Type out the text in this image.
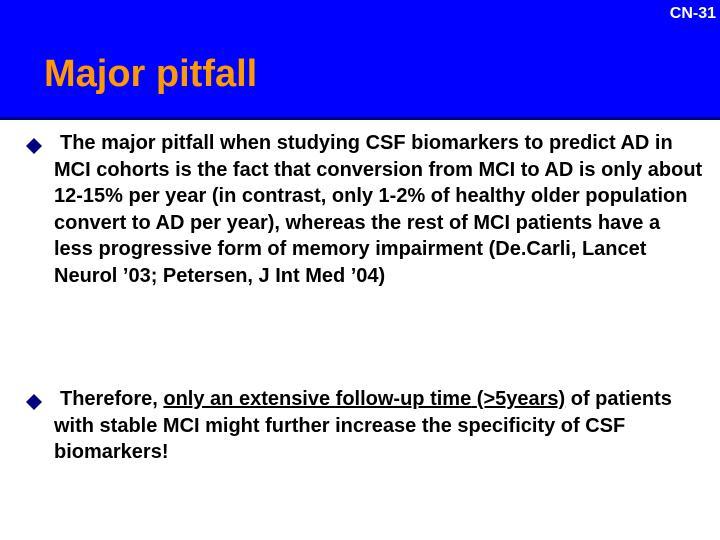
CN-31
Major pitfall

The major pitfall when studying CSF biomarkers to predict AD in MCI cohorts is the fact that conversion from MCI to AD is only about 12-15% per year (in contrast, only 1-2% of healthy older population convert to AD per year), whereas the rest of MCI patients have a less progressive form of memory impairment (De.Carli, Lancet Neurol ’03; Petersen, J Int Med ’04)

Therefore, only an extensive follow-up time (>5years) of patients with stable MCI might further increase the specificity of CSF biomarkers!
